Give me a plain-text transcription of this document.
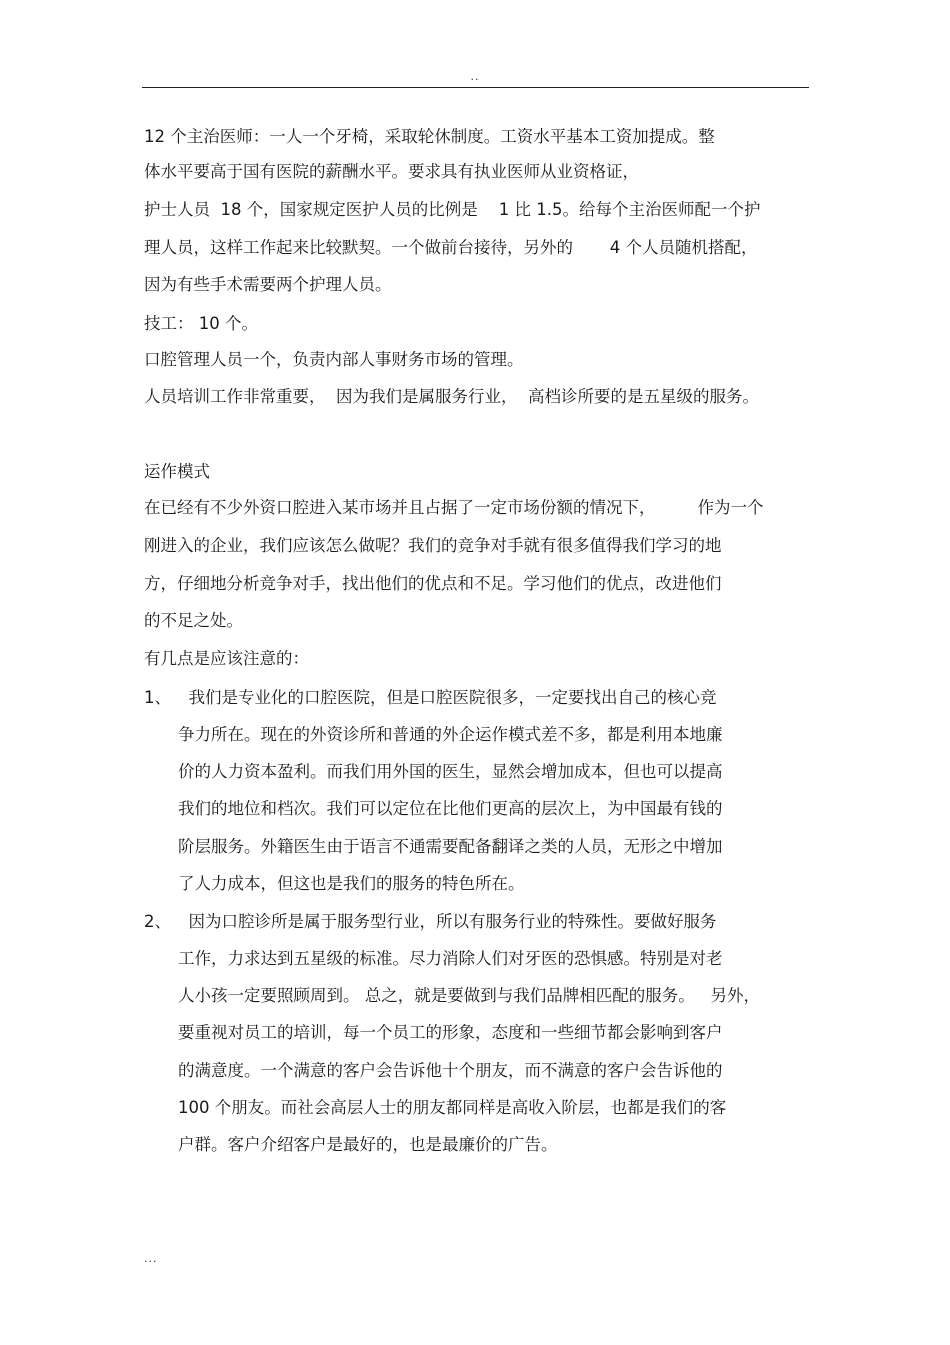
..
12 个主治医师：一人一个牙椅，采取轮休制度。工资水平基本工资加提成。整
体水平要高于国有医院的薪酬水平。要求具有执业医师从业资格证，
护士人员  18 个，国家规定医护人员的比例是    1 比 1.5。给每个主治医师配一个护
理人员，这样工作起来比较默契。一个做前台接待，另外的       4 个人员随机搭配，
因为有些手术需要两个护理人员。
技工： 10 个。
口腔管理人员一个，负责内部人事财务市场的管理。
人员培训工作非常重要，  因为我们是属服务行业，  高档诊所要的是五星级的服务。
运作模式
在已经有不少外资口腔进入某市场并且占据了一定市场份额的情况下，        作为一个
刚进入的企业，我们应该怎么做呢？我们的竞争对手就有很多值得我们学习的地
方，仔细地分析竞争对手，找出他们的优点和不足。学习他们的优点，改进他们
的不足之处。
有几点是应该注意的：
1、 我们是专业化的口腔医院，但是口腔医院很多，一定要找出自己的核心竞
争力所在。现在的外资诊所和普通的外企运作模式差不多，都是利用本地廉
价的人力资本盈利。而我们用外国的医生，显然会增加成本，但也可以提高
我们的地位和档次。我们可以定位在比他们更高的层次上，为中国最有钱的
阶层服务。外籍医生由于语言不通需要配备翻译之类的人员，无形之中增加
了人力成本，但这也是我们的服务的特色所在。
2、 因为口腔诊所是属于服务型行业，所以有服务行业的特殊性。要做好服务
工作，力求达到五星级的标准。尽力消除人们对牙医的恐惧感。特别是对老
人小孩一定要照顾周到。 总之，就是要做到与我们品牌相匹配的服务。   另外，
要重视对员工的培训，每一个员工的形象，态度和一些细节都会影响到客户
的满意度。一个满意的客户会告诉他十个朋友，而不满意的客户会告诉他的
100 个朋友。而社会高层人士的朋友都同样是高收入阶层，也都是我们的客
户群。客户介绍客户是最好的，也是最廉价的广告。
...
